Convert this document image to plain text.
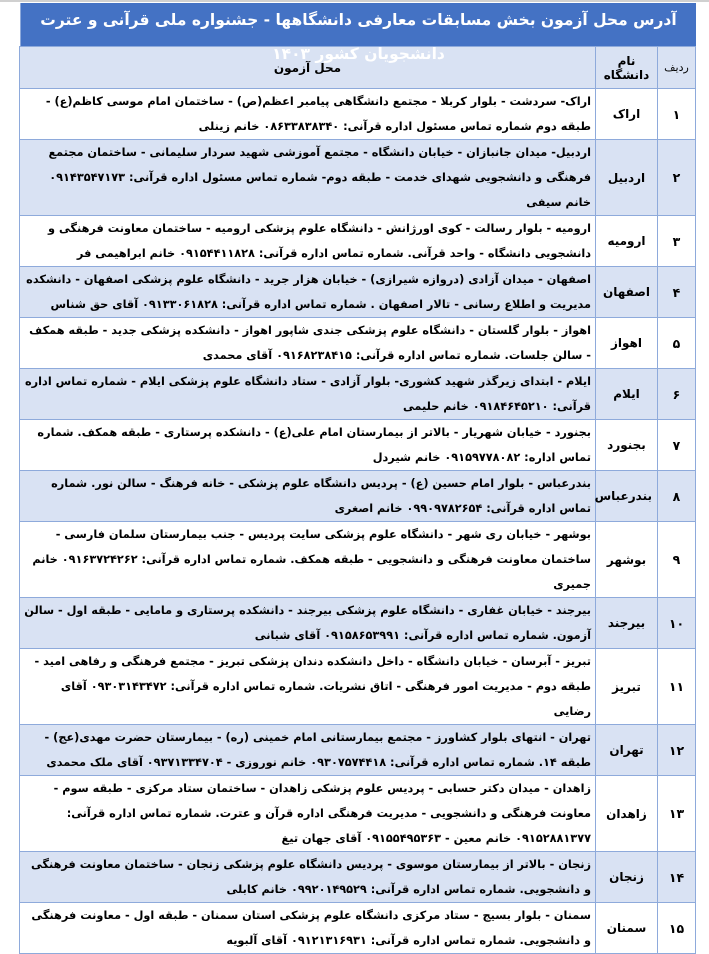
آدرس محل آزمون بخش مسابقات معارفی دانشگاهها - جشنواره ملی قرآنی و عترت دانشجویان کشور ۱۴۰۳
ردیف	نام دانشگاه	محل آزمون
۱	اراک	اراک- سردشت - بلوار کربلا - مجتمع دانشگاهی پیامبر اعظم(ص) - ساختمان امام موسی کاظم(ع) - طبقه دوم شماره تماس مسئول اداره قرآنی: ۰۸۶۳۳۸۳۸۳۴۰ خانم زینلی
۲	اردبیل	اردبیل- میدان جانبازان - خیابان دانشگاه - مجتمع آموزشی شهید سردار سلیمانی - ساختمان مجتمع فرهنگی و دانشجویی شهدای خدمت - طبقه دوم- شماره تماس مسئول اداره قرآنی: ۰۹۱۴۳۵۴۷۱۷۳ خانم سیفی
۳	ارومیه	ارومیه - بلوار رسالت - کوی اورژانش - دانشگاه علوم پزشکی ارومیه - ساختمان معاونت فرهنگی و دانشجویی دانشگاه - واحد قرآنی. شماره تماس اداره قرآنی: ۰۹۱۵۴۴۱۱۸۲۸ خانم ابراهیمی فر
۴	اصفهان	اصفهان - میدان آزادی (دروازه شیرازی) - خیابان هزار جرید - دانشگاه علوم پزشکی اصفهان - دانشکده مدیریت و اطلاع رسانی - تالار اصفهان . شماره تماس اداره قرآنی: ۰۹۱۳۳۰۶۱۸۲۸ آقای حق شناس
۵	اهواز	اهواز - بلوار گلستان - دانشگاه علوم پزشکی جندی شاپور اهواز - دانشکده پزشکی جدید - طبقه همکف - سالن جلسات. شماره تماس اداره قرآنی: ۰۹۱۶۸۲۳۸۴۱۵ آقای محمدی
۶	ایلام	ایلام - ابتدای زیرگذر شهید کشوری- بلوار آزادی - ستاد دانشگاه علوم پزشکی ایلام - شماره تماس اداره قرآنی: ۰۹۱۸۴۶۴۵۲۱۰ خانم حلیمی
۷	بجنورد	بجنورد - خیابان شهریار - بالاتر از بیمارستان امام علی(ع) - دانشکده پرستاری - طبقه همکف. شماره تماس اداره: ۰۹۱۵۹۷۷۸۰۸۲ خانم شیردل
۸	بندرعباس	بندرعباس - بلوار امام حسین (ع) - پردیس دانشگاه علوم پزشکی - خانه فرهنگ - سالن نور. شماره تماس اداره قرآنی: ۰۹۹۰۹۷۸۲۶۵۴ خانم اصغری
۹	بوشهر	بوشهر - خیابان ری شهر - دانشگاه علوم پزشکی سایت پردیس - جنب بیمارستان سلمان فارسی - ساختمان معاونت فرهنگی و دانشجویی - طبقه همکف. شماره تماس اداره قرآنی: ۰۹۱۶۳۷۲۴۲۶۲ خانم جمیری
۱۰	بیرجند	بیرجند - خیابان غفاری - دانشگاه علوم پزشکی بیرجند - دانشکده پرستاری و مامایی - طبقه اول - سالن آزمون. شماره تماس اداره قرآنی: ۰۹۱۵۸۶۵۳۹۹۱ آقای شبانی
۱۱	تبریز	تبریز - آبرسان - خیابان دانشگاه - داخل دانشکده دندان پزشکی تبریز - مجتمع فرهنگی و رفاهی امید - طبقه دوم - مدیریت امور فرهنگی - اتاق نشریات. شماره تماس اداره قرآنی: ۰۹۳۰۳۱۴۳۴۷۲ آقای رضایی
۱۲	تهران	تهران - انتهای بلوار کشاورز - مجتمع بیمارستانی امام خمینی (ره) - بیمارستان حضرت مهدی(عج) - طبقه ۱۴. شماره تماس اداره قرآنی: ۰۹۳۰۷۵۷۴۴۱۸ خانم نوروزی - ۰۹۳۷۱۳۳۴۷۰۴ آقای ملک محمدی
۱۳	زاهدان	زاهدان - میدان دکتر حسابی - پردیس علوم پزشکی زاهدان - ساختمان ستاد مرکزی - طبقه سوم - معاونت فرهنگی و دانشجویی - مدیریت فرهنگی اداره قرآن و عترت. شماره تماس اداره قرآنی: ۰۹۱۵۲۸۸۱۳۷۷ خانم معین - ۰۹۱۵۵۴۹۵۳۶۳ آقای جهان تیغ
۱۴	زنجان	زنجان - بالاتر از بیمارستان موسوی - پردیس دانشگاه علوم پزشکی زنجان - ساختمان معاونت فرهنگی و دانشجویی. شماره تماس اداره قرآنی: ۰۹۹۲۰۱۴۹۵۲۹ خانم کابلی
۱۵	سمنان	سمنان - بلوار بسیج - ستاد مرکزی دانشگاه علوم پزشکی استان سمنان - طبقه اول - معاونت فرهنگی و دانشجویی. شماره تماس اداره قرآنی: ۰۹۱۲۱۳۱۶۹۳۱ آقای آلبویه
